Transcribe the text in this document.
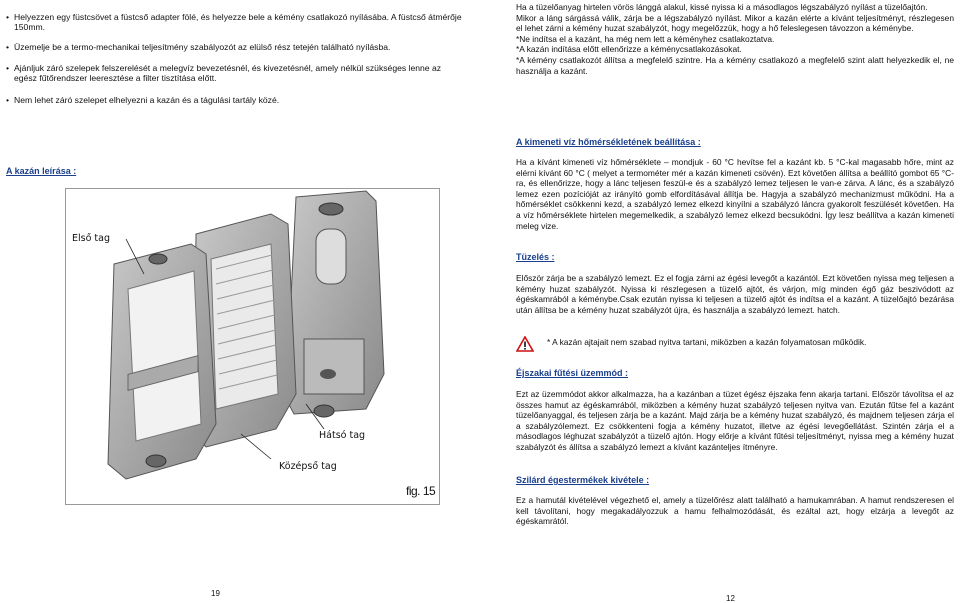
• Helyezzen egy füstcsövet a füstcső adapter fölé, és helyezze bele a kémény csatlakozó nyílásába. A füstcső átmérője 150mm.
• Üzemelje be a termo-mechanikai teljesítmény szabályozót az elülső rész tetején található nyílásba.
• Ajánljuk záró szelepek felszerelését a melegvíz bevezetésnél, és kivezetésnél, amely nélkül szükséges lenne az egész fűtőrendszer leeresztése a filter tisztítása előtt.
• Nem lehet záró szelepet elhelyezni a kazán és a tágulási tartály közé.
A kazán leírása :
Első tag
Hátsó tag
Középső tag
fig. 15
19
Ha a tüzelőanyag hirtelen vörös lánggá alakul, kissé nyissa ki a másodlagos légszabályzó nyílást a tüzelőajtón.
Mikor a láng sárgássá válik, zárja be a légszabályzó nyílást. Mikor a kazán elérte a kívánt teljesítményt, részlegesen el lehet zárni a kémény huzat szabályzót, hogy megelőzzük, hogy a hő feleslegesen távozzon a kéménybe.
*Ne indítsa el a kazánt, ha még nem lett a kéményhez csatlakoztatva.
*A kazán indítása előtt ellenőrizze a kéménycsatlakozásokat.
*A kémény csatlakozót állítsa a megfelelő szintre. Ha a kémény csatlakozó a megfelelő szint alatt helyezkedik el, ne használja a kazánt.
A kimeneti víz hőmérsékletének beállítása :
Ha a kívánt kimeneti víz hőmérséklete – mondjuk - 60 °C hevítse fel a kazánt kb. 5 °C-kal magasabb hőre, mint az elérni kívánt 60 °C ( melyet a termométer mér a kazán kimeneti csövén). Ezt követően állítsa a beállító gombot 65 °C-ra, és ellenőrizze, hogy a lánc teljesen feszül-e és a szabályzó lemez teljesen le van-e zárva. A lánc, és a szabályzó lemez ezen pozícióját az irányító gomb elfordításával állítja be. Hagyja a szabályzó mechanizmust működni. Ha a hőmérséklet csökkenni kezd, a szabályzó lemez elkezd kinyílni a szabályzó láncra gyakorolt feszülését követően. Ha a víz hőmérséklete hirtelen megemelkedik, a szabályzó lemez elkezd becsukódni. Így lesz beállítva a kazán kimeneti meleg vize.
Tüzelés :
Először zárja be a szabályzó lemezt. Ez el fogja zárni az égési levegőt a kazántól. Ezt követően nyissa meg teljesen a kémény huzat szabályzót. Nyissa ki részlegesen a tüzelő ajtót, és várjon, míg minden égő gáz beszivódott az égéskamrából a kéménybe.Csak ezután nyissa ki teljesen a tüzelő ajtót és indítsa el a kazánt. A tüzelőajtó bezárása után állítsa be a kémény huzat szabályzót újra, és használja a szabályzó lemezt. hatch.
* A kazán ajtajait nem szabad nyitva tartani, miközben a kazán folyamatosan működik.
Éjszakai fűtési üzemmód :
Ezt az üzemmódot akkor alkalmazza, ha a kazánban a tüzet égész éjszaka fenn akarja tartani. Először távolítsa el az összes hamut az égéskamrából, miközben a kémény huzat szabályzó teljesen nyitva van. Ezután fűtse fel a kazánt tüzelőanyaggal, és teljesen zárja be a kazánt. Majd zárja be a kémény huzat szabályzó, és majdnem teljesen zárja el a szabályzólemezt. Ez csökkenteni fogja a kémény huzatot, illetve az égési levegőellátást. Szintén zárja el a másodlagos léghuzat szabályzót a tüzelő ajtón. Hogy előrje a kívánt fűtési teljesítményt, nyissa meg a kémény huzat szabályzót és állítsa a szabályzó lemezt a kívánt kazánteljes ítményre.
Szilárd égestermékek kivétele :
Ez a hamutál kivételével végezhető el, amely a tüzelőrész alatt található a hamukamrában. A hamut rendszeresen el kell távolítani, hogy megakadályozzuk a hamu felhalmozódását, és ezáltal azt, hogy elzárja a levegőt az égéskamrától.
12
